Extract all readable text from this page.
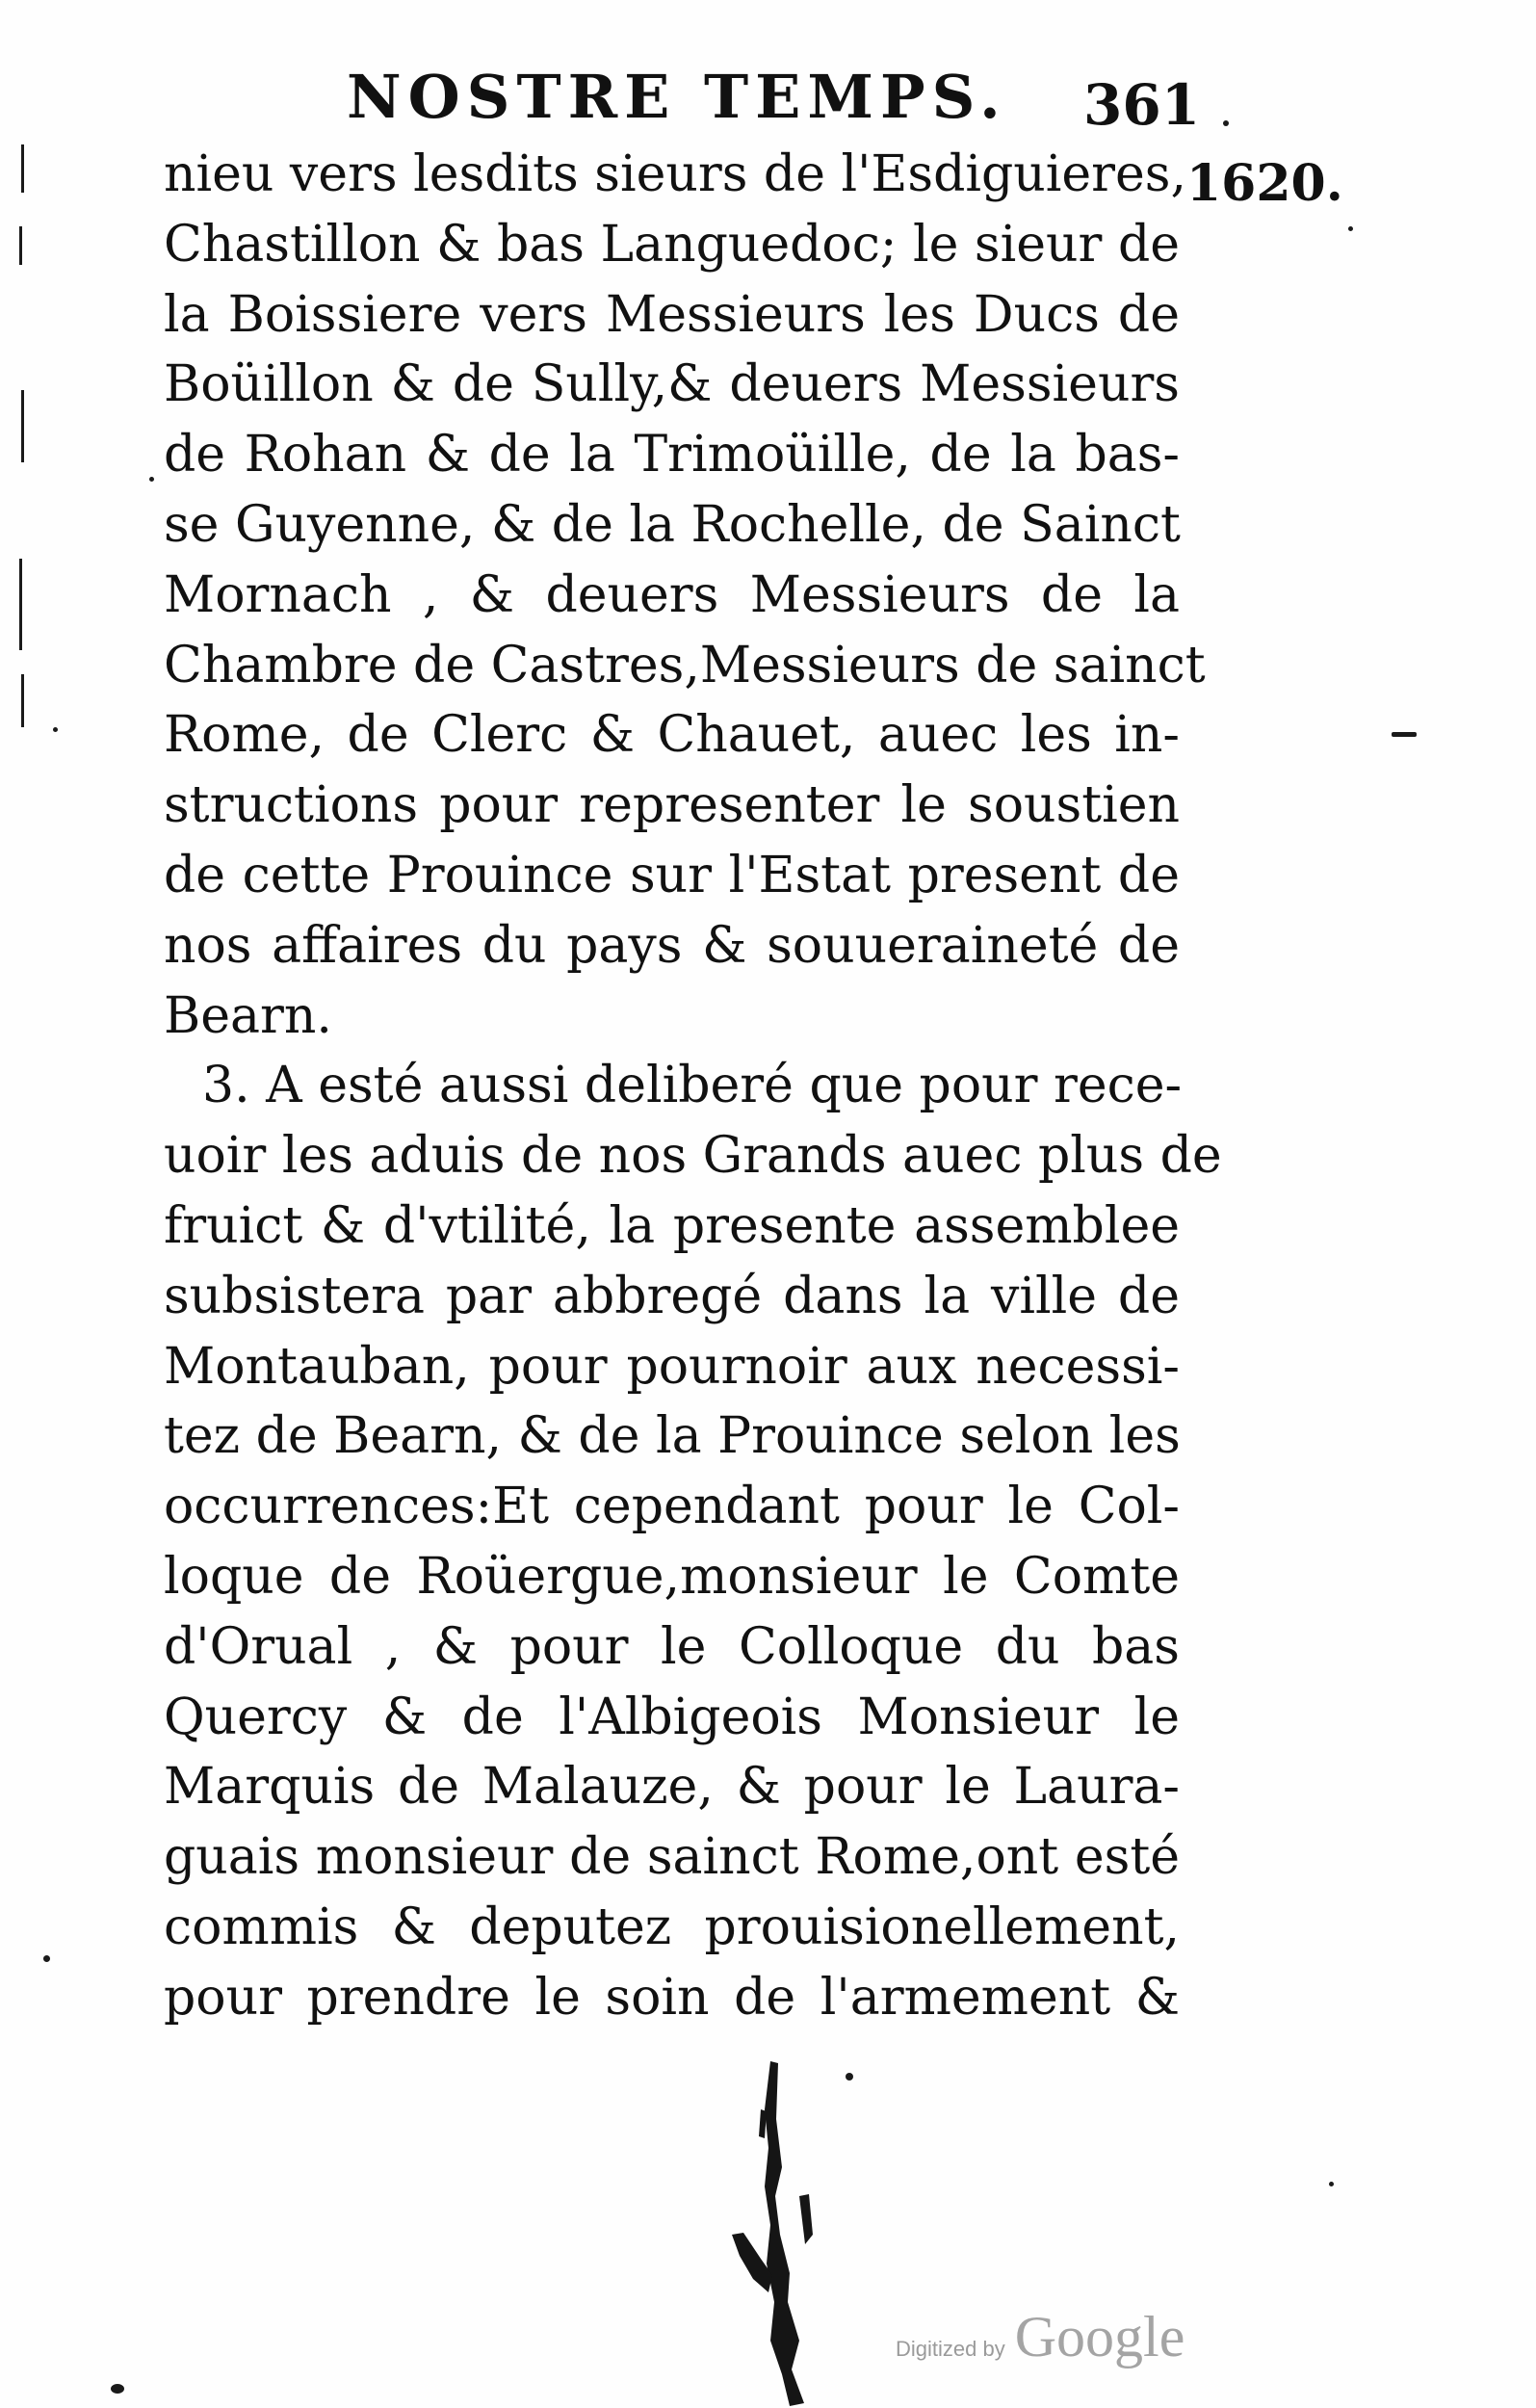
NOSTRE TEMPS. 361
1620.
nieu vers lesdits sieurs de l'Esdiguieres,
Chastillon & bas Languedoc; le sieur de
la Boissiere vers Messieurs les Ducs de
Boüillon & de Sully,& deuers Messieurs
de Rohan & de la Trimoüille, de la bas-
se Guyenne, & de la Rochelle, de Sainct
Mornach , & deuers Messieurs de la
Chambre de Castres,Messieurs de sainct
Rome, de Clerc & Chauet, auec les in-
structions pour representer le soustien
de cette Prouince sur l'Estat present de
nos affaires du pays & souueraineté de
Bearn.
3. A esté aussi deliberé que pour rece-
uoir les aduis de nos Grands auec plus de
fruict & d'vtilité, la presente assemblee
subsistera par abbregé dans la ville de
Montauban, pour pournoir aux necessi-
tez de Bearn, & de la Prouince selon les
occurrences:Et cependant pour le Col-
loque de Roüergue,monsieur le Comte
d'Orual , & pour le Colloque du bas
Quercy & de l'Albigeois Monsieur le
Marquis de Malauze, & pour le Laura-
guais monsieur de sainct Rome,ont esté
commis & deputez prouisionellement,
pour prendre le soin de l'armement &
Digitized by Google
